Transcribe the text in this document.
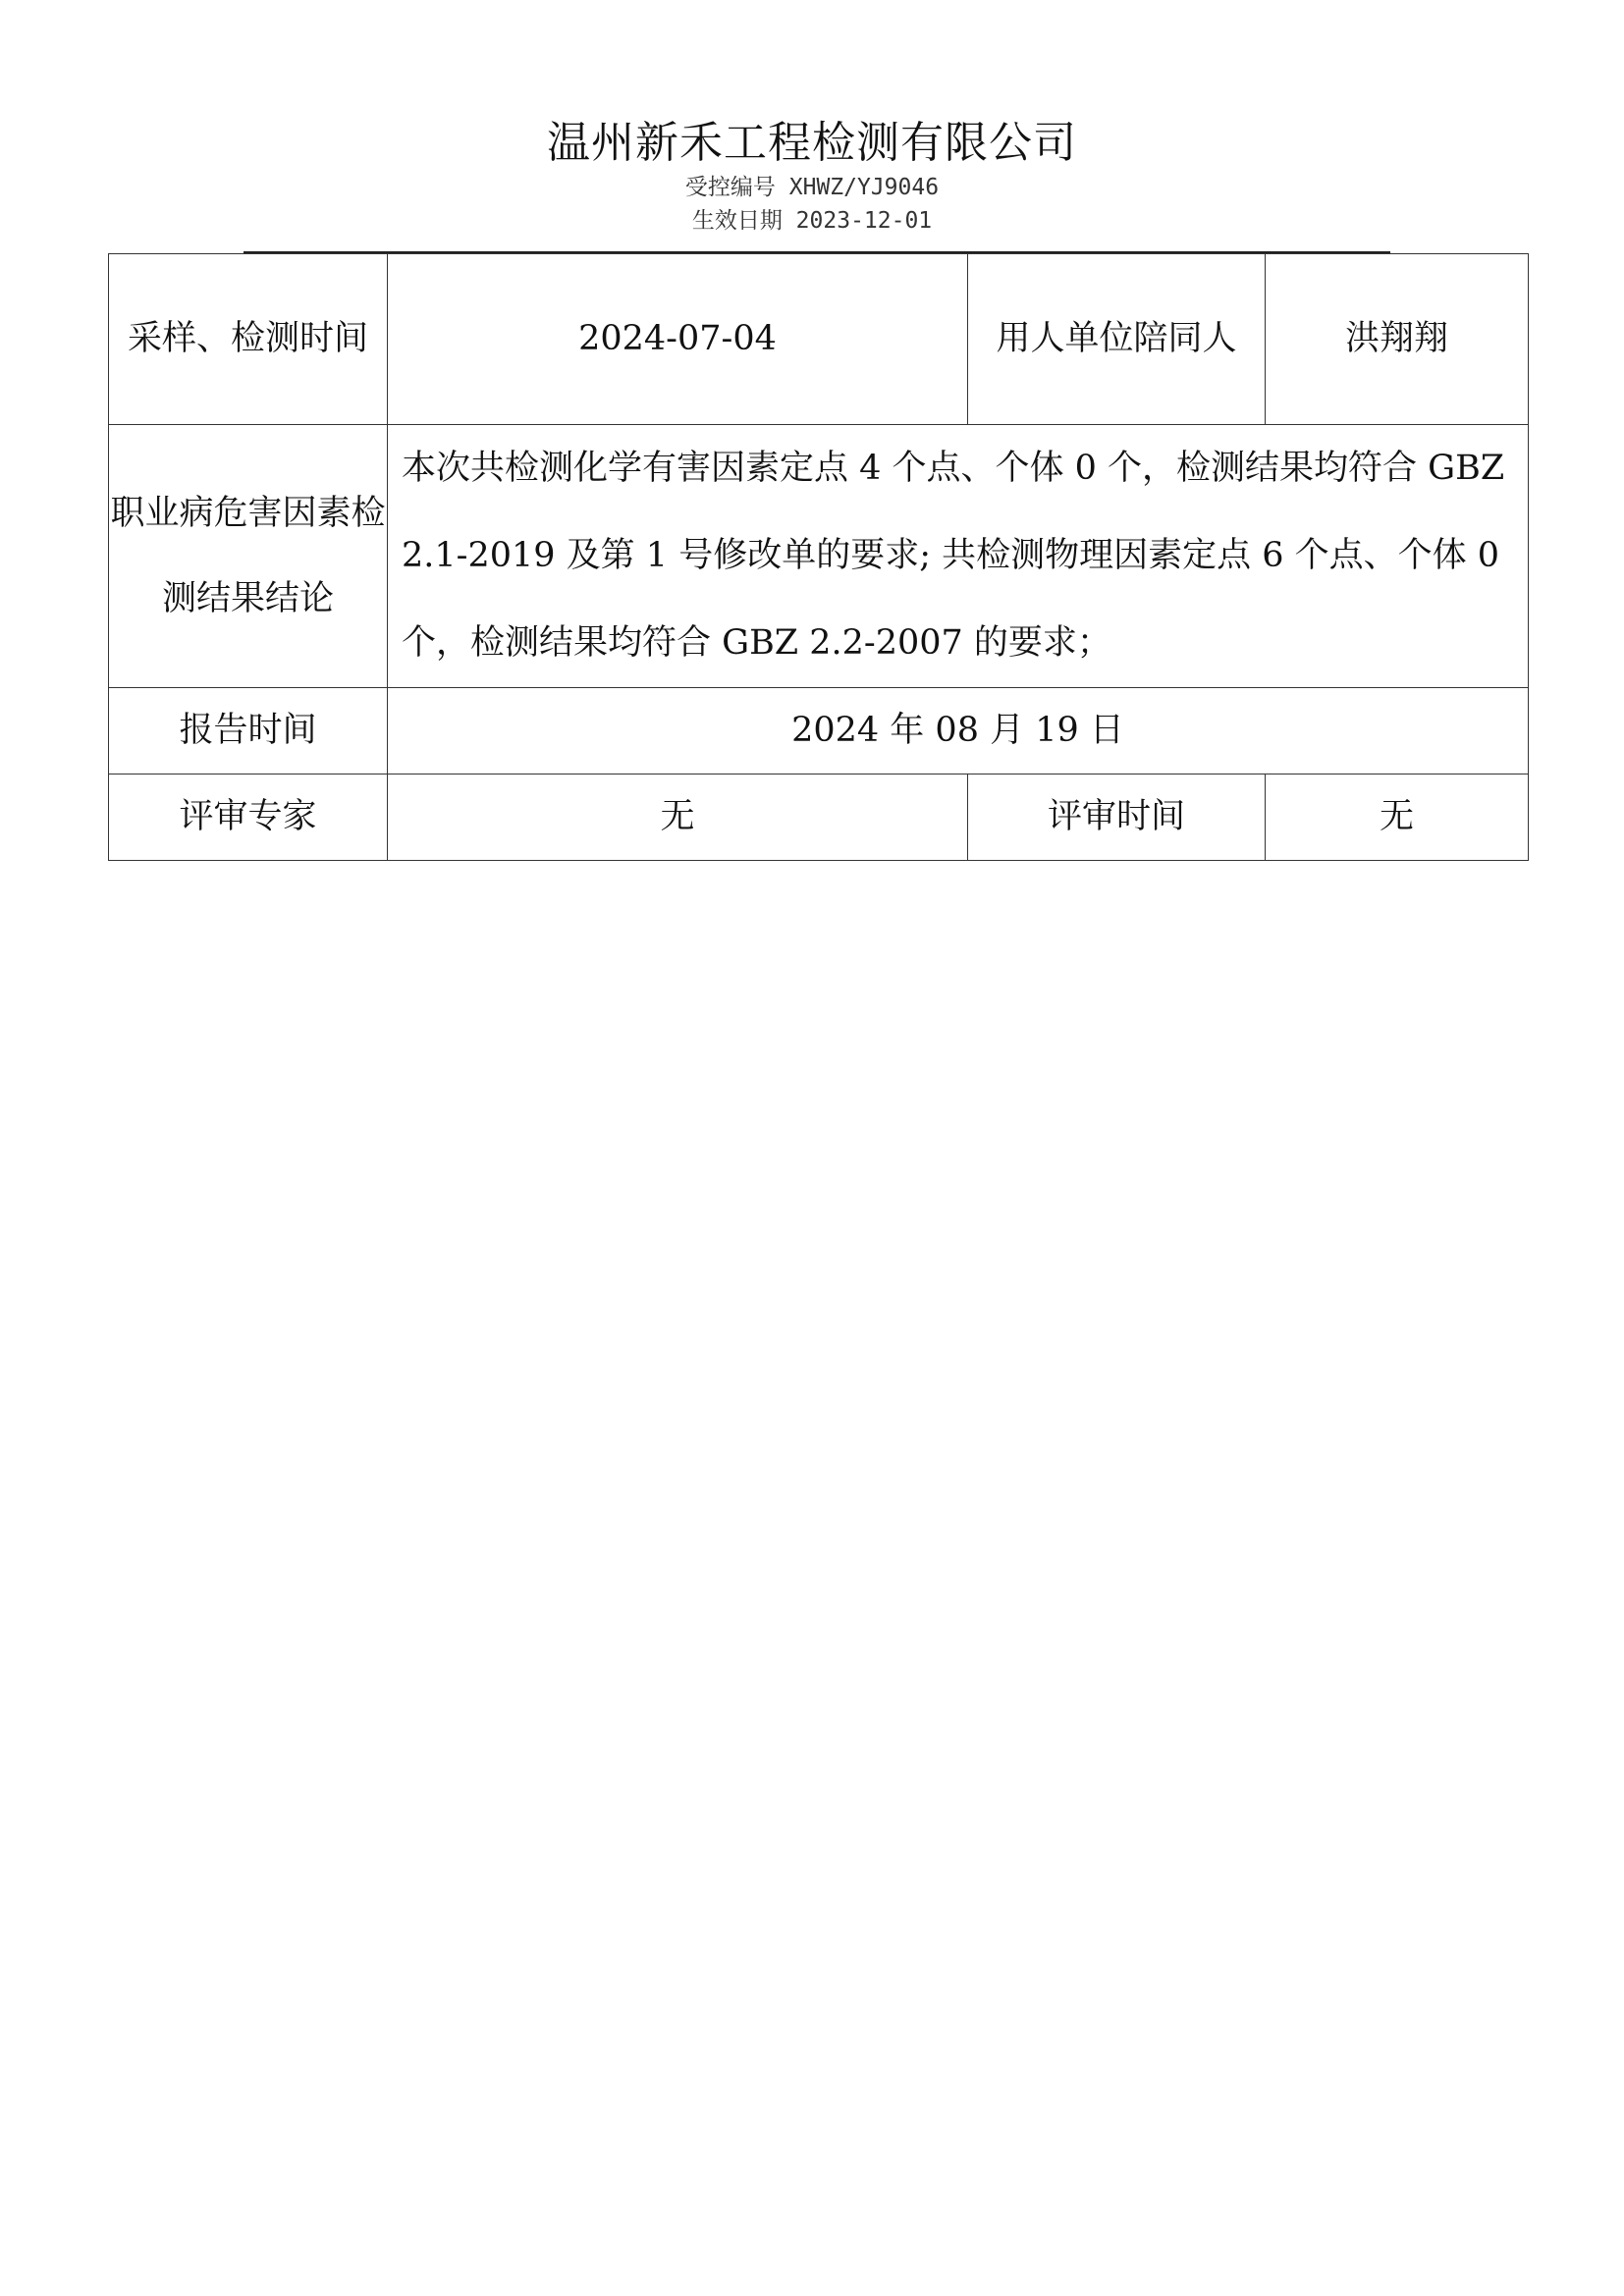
温州新禾工程检测有限公司
受控编号 XHWZ/YJ9046
生效日期 2023-12-01
采样、检测时间	2024-07-04	用人单位陪同人	洪翔翔
职业病危害因素检测结果结论	本次共检测化学有害因素定点 4 个点、个体 0 个，检测结果均符合 GBZ 2.1-2019 及第 1 号修改单的要求; 共检测物理因素定点 6 个点、个体 0 个，检测结果均符合 GBZ 2.2-2007 的要求；		
报告时间	2024 年 08 月 19 日		
评审专家	无	评审时间	无
